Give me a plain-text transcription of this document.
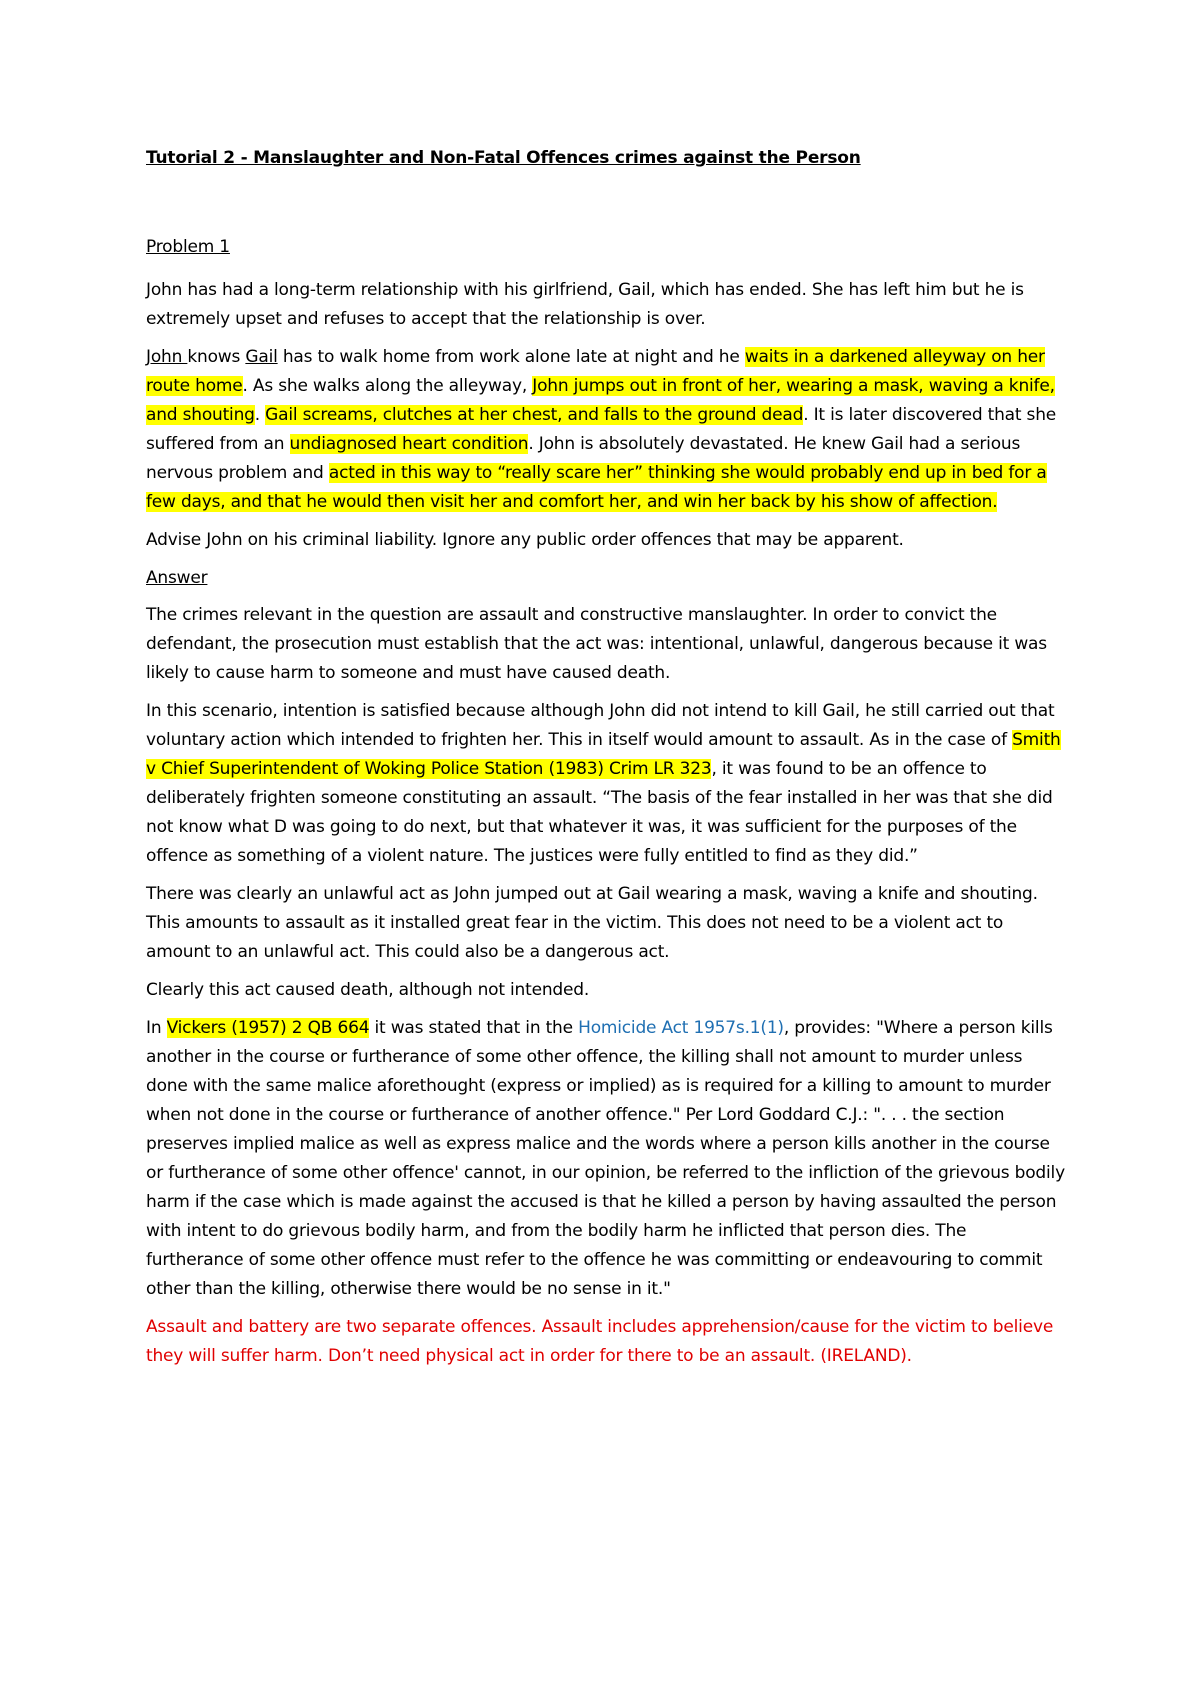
Tutorial 2 - Manslaughter and Non-Fatal Offences crimes against the Person

Problem 1

John has had a long-term relationship with his girlfriend, Gail, which has ended. She has left him but he is extremely upset and refuses to accept that the relationship is over.

John knows Gail has to walk home from work alone late at night and he waits in a darkened alleyway on her route home. As she walks along the alleyway, John jumps out in front of her, wearing a mask, waving a knife, and shouting. Gail screams, clutches at her chest, and falls to the ground dead. It is later discovered that she suffered from an undiagnosed heart condition. John is absolutely devastated. He knew Gail had a serious nervous problem and acted in this way to “really scare her” thinking she would probably end up in bed for a few days, and that he would then visit her and comfort her, and win her back by his show of affection.

Advise John on his criminal liability. Ignore any public order offences that may be apparent.

Answer

The crimes relevant in the question are assault and constructive manslaughter. In order to convict the defendant, the prosecution must establish that the act was: intentional, unlawful, dangerous because it was likely to cause harm to someone and must have caused death.

In this scenario, intention is satisfied because although John did not intend to kill Gail, he still carried out that voluntary action which intended to frighten her. This in itself would amount to assault. As in the case of Smith v Chief Superintendent of Woking Police Station (1983) Crim LR 323, it was found to be an offence to deliberately frighten someone constituting an assault. “The basis of the fear installed in her was that she did not know what D was going to do next, but that whatever it was, it was sufficient for the purposes of the offence as something of a violent nature. The justices were fully entitled to find as they did.”

There was clearly an unlawful act as John jumped out at Gail wearing a mask, waving a knife and shouting. This amounts to assault as it installed great fear in the victim. This does not need to be a violent act to amount to an unlawful act. This could also be a dangerous act.

Clearly this act caused death, although not intended.

In Vickers (1957) 2 QB 664 it was stated that in the Homicide Act 1957s.1(1), provides: "Where a person kills another in the course or furtherance of some other offence, the killing shall not amount to murder unless done with the same malice aforethought (express or implied) as is required for a killing to amount to murder when not done in the course or furtherance of another offence." Per Lord Goddard C.J.: ". . . the section preserves implied malice as well as express malice and the words where a person kills another in the course or furtherance of some other offence' cannot, in our opinion, be referred to the infliction of the grievous bodily harm if the case which is made against the accused is that he killed a person by having assaulted the person with intent to do grievous bodily harm, and from the bodily harm he inflicted that person dies. The furtherance of some other offence must refer to the offence he was committing or endeavouring to commit other than the killing, otherwise there would be no sense in it."

Assault and battery are two separate offences. Assault includes apprehension/cause for the victim to believe they will suffer harm. Don’t need physical act in order for there to be an assault. (IRELAND).
